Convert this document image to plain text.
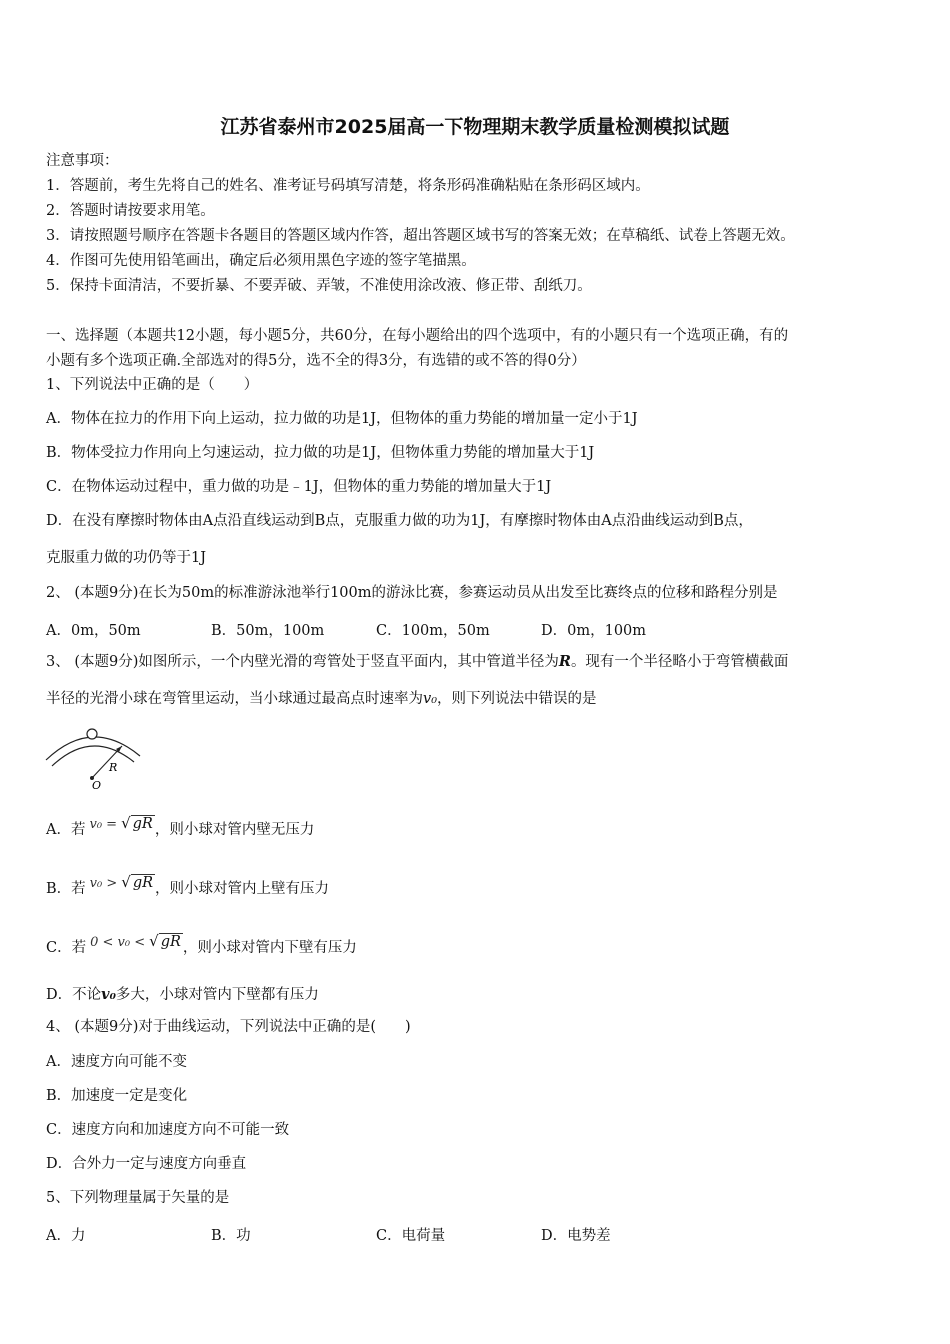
江苏省泰州市2025届高一下物理期末教学质量检测模拟试题
注意事项：
1．答题前，考生先将自己的姓名、准考证号码填写清楚，将条形码准确粘贴在条形码区域内。
2．答题时请按要求用笔。
3．请按照题号顺序在答题卡各题目的答题区域内作答，超出答题区域书写的答案无效；在草稿纸、试卷上答题无效。
4．作图可先使用铅笔画出，确定后必须用黑色字迹的签字笔描黑。
5．保持卡面清洁，不要折暴、不要弄破、弄皱，不准使用涂改液、修正带、刮纸刀。
一、选择题（本题共12小题，每小题5分，共60分，在每小题给出的四个选项中，有的小题只有一个选项正确，有的
小题有多个选项正确.全部选对的得5分，选不全的得3分，有选错的或不答的得0分）
1、下列说法中正确的是（　　）
A．物体在拉力的作用下向上运动，拉力做的功是1J，但物体的重力势能的增加量一定小于1J
B．物体受拉力作用向上匀速运动，拉力做的功是1J，但物体重力势能的增加量大于1J
C．在物体运动过程中，重力做的功是﹣1J，但物体的重力势能的增加量大于1J
D．在没有摩擦时物体由A点沿直线运动到B点，克服重力做的功为1J，有摩擦时物体由A点沿曲线运动到B点，
克服重力做的功仍等于1J
2、 (本题9分)在长为50m的标准游泳池举行100m的游泳比赛，参赛运动员从出发至比赛终点的位移和路程分别是
A．0m，50m	B．50m，100m	C．100m，50m	D．0m，100m
3、 (本题9分)如图所示，一个内壁光滑的弯管处于竖直平面内，其中管道半径为R。现有一个半径略小于弯管横截面
半径的光滑小球在弯管里运动，当小球通过最高点时速率为v₀，则下列说法中错误的是
R
O
A．若 v₀ = √ gR ，则小球对管内壁无压力
B．若 v₀ > √ gR ，则小球对管内上壁有压力
C．若 0 < v₀ < √ gR ，则小球对管内下壁有压力
D．不论v₀多大，小球对管内下壁都有压力
4、 (本题9分)对于曲线运动，下列说法中正确的是(　　)
A．速度方向可能不变
B．加速度一定是变化
C．速度方向和加速度方向不可能一致
D．合外力一定与速度方向垂直
5、下列物理量属于矢量的是
A．力	B．功	C．电荷量	D．电势差
